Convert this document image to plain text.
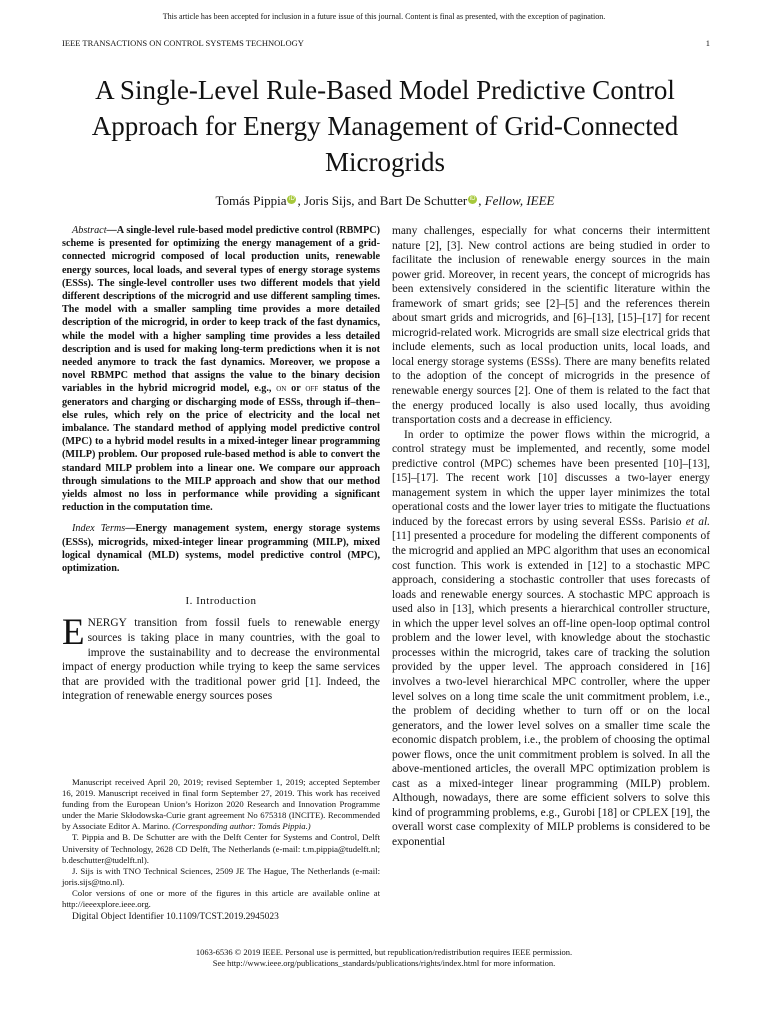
This article has been accepted for inclusion in a future issue of this journal. Content is final as presented, with the exception of pagination.
IEEE TRANSACTIONS ON CONTROL SYSTEMS TECHNOLOGY	1
A Single-Level Rule-Based Model Predictive Control Approach for Energy Management of Grid-Connected Microgrids
Tomás Pippia iD , Joris Sijs, and Bart De Schutter iD , Fellow, IEEE

Abstract—A single-level rule-based model predictive control (RBMPC) scheme is presented for optimizing the energy management of a grid-connected microgrid composed of local production units, renewable energy sources, local loads, and several types of energy storage systems (ESSs). The single-level controller uses two different models that yield different descriptions of the microgrid and use different sampling times. The model with a smaller sampling time provides a more detailed description of the microgrid, in order to keep track of the fast dynamics, while the model with a higher sampling time provides a less detailed description and is used for making long-term predictions when it is not needed anymore to track the fast dynamics. Moreover, we propose a novel RBMPC method that assigns the value to the binary decision variables in the hybrid microgrid model, e.g., on or off status of the generators and charging or discharging mode of ESSs, through if–then–else rules, which rely on the price of electricity and the local net imbalance. The standard method of applying model predictive control (MPC) to a hybrid model results in a mixed-integer linear programming (MILP) problem. Our proposed rule-based method is able to convert the standard MILP problem into a linear one. We compare our approach through simulations to the MILP approach and show that our method yields almost no loss in performance while providing a significant reduction in the computation time.

Index Terms—Energy management system, energy storage systems (ESSs), microgrids, mixed-integer linear programming (MILP), mixed logical dynamical (MLD) systems, model predictive control (MPC), optimization.

I. Introduction

ENERGY transition from fossil fuels to renewable energy sources is taking place in many countries, with the goal to improve the sustainability and to decrease the environmental impact of energy production while trying to keep the same services that are provided with the traditional power grid [1]. Indeed, the integration of renewable energy sources poses

Manuscript received April 20, 2019; revised September 1, 2019; accepted September 16, 2019. Manuscript received in final form September 27, 2019. This work has received funding from the European Union’s Horizon 2020 Research and Innovation Programme under the Marie Skłodowska-Curie grant agreement No 675318 (INCITE). Recommended by Associate Editor A. Marino. (Corresponding author: Tomás Pippia.)

T. Pippia and B. De Schutter are with the Delft Center for Systems and Control, Delft University of Technology, 2628 CD Delft, The Netherlands (e-mail: t.m.pippia@tudelft.nl; b.deschutter@tudelft.nl).

J. Sijs is with TNO Technical Sciences, 2509 JE The Hague, The Netherlands (e-mail: joris.sijs@tno.nl).

Color versions of one or more of the figures in this article are available online at http://ieeexplore.ieee.org.

Digital Object Identifier 10.1109/TCST.2019.2945023

many challenges, especially for what concerns their intermittent nature [2], [3]. New control actions are being studied in order to facilitate the inclusion of renewable energy sources in the main power grid. Moreover, in recent years, the concept of microgrids has been extensively considered in the scientific literature within the framework of smart grids; see [2]–[5] and the references therein about smart grids and microgrids, and [6]–[13], [15]–[17] for recent microgrid-related work. Microgrids are small size electrical grids that include elements, such as local production units, local loads, and local energy storage systems (ESSs). There are many benefits related to the adoption of the concept of microgrids in the presence of renewable energy sources [2]. One of them is related to the fact that the energy produced locally is also used locally, thus avoiding transportation costs and a decrease in efficiency.

In order to optimize the power flows within the microgrid, a control strategy must be implemented, and recently, some model predictive control (MPC) schemes have been presented [10]–[13], [15]–[17]. The recent work [10] discusses a two-layer energy management system in which the upper layer minimizes the total operational costs and the lower layer tries to mitigate the fluctuations induced by the forecast errors by using several ESSs. Parisio et al. [11] presented a procedure for modeling the different components of the microgrid and applied an MPC algorithm that uses an economical cost function. This work is extended in [12] to a stochastic MPC approach, considering a stochastic controller that uses forecasts of loads and renewable energy sources. A stochastic MPC approach is used also in [13], which presents a hierarchical controller structure, in which the upper level solves an off-line open-loop optimal control problem and the lower level, with knowledge about the stochastic processes within the microgrid, takes care of tracking the solution provided by the upper level. The approach considered in [16] involves a two-level hierarchical MPC controller, where the upper level solves on a long time scale the unit commitment problem, i.e., the problem of deciding whether to turn off or on the local generators, and the lower level solves on a smaller time scale the economic dispatch problem, i.e., the problem of choosing the optimal power flows, once the unit commitment problem is solved. In all the above-mentioned articles, the overall MPC optimization problem is cast as a mixed-integer linear programming (MILP) problem. Although, nowadays, there are some efficient solvers to solve this kind of programming problems, e.g., Gurobi [18] or CPLEX [19], the overall worst case complexity of MILP problems is considered to be exponential

1063-6536 © 2019 IEEE. Personal use is permitted, but republication/redistribution requires IEEE permission.
See http://www.ieee.org/publications_standards/publications/rights/index.html for more information.
